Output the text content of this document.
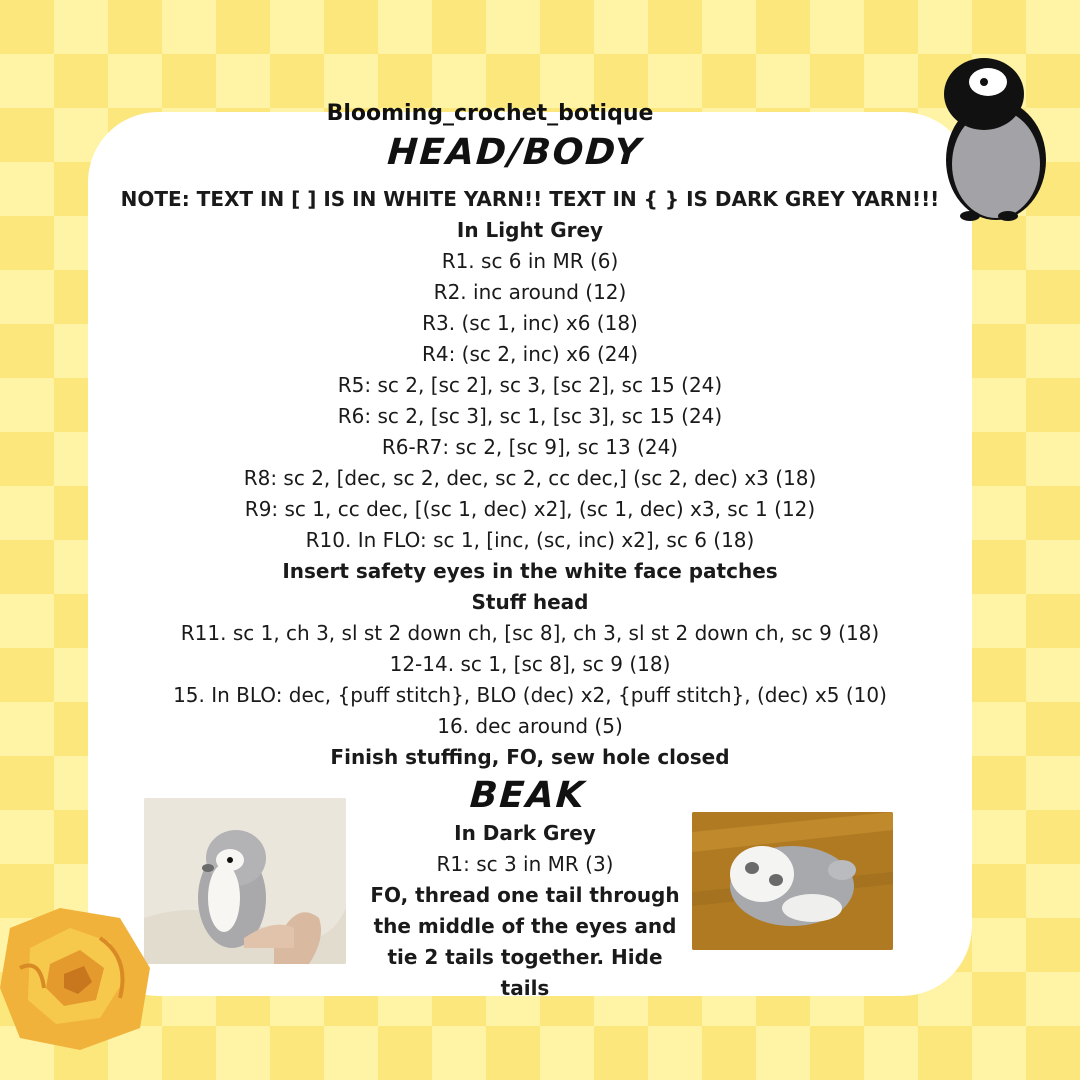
Blooming_crochet_botique
HEAD/BODY
NOTE: TEXT IN [ ] IS IN WHITE YARN!! TEXT IN { } IS DARK GREY YARN!!!
In Light Grey
R1. sc 6 in MR (6)
R2. inc around (12)
R3. (sc 1, inc) x6 (18)
R4: (sc 2, inc) x6 (24)
R5: sc 2, [sc 2], sc 3, [sc 2], sc 15 (24)
R6: sc 2, [sc 3], sc 1, [sc 3], sc 15 (24)
R6-R7: sc 2, [sc 9], sc 13 (24)
R8: sc 2, [dec, sc 2, dec, sc 2, cc dec,] (sc 2, dec) x3 (18)
R9: sc 1, cc dec, [(sc 1, dec) x2], (sc 1, dec) x3, sc 1 (12)
R10. In FLO: sc 1, [inc, (sc, inc) x2], sc 6 (18)
Insert safety eyes in the white face patches
Stuff head
R11. sc 1, ch 3, sl st 2 down ch, [sc 8], ch 3, sl st 2 down ch, sc 9 (18)
12-14. sc 1, [sc 8], sc 9 (18)
15. In BLO: dec, {puff stitch}, BLO (dec) x2, {puff stitch}, (dec) x5 (10)
16. dec around (5)
Finish stuffing, FO, sew hole closed
BEAK
In Dark Grey
R1: sc 3 in MR (3)
FO, thread one tail through the middle of the eyes and tie 2 tails together. Hide tails
